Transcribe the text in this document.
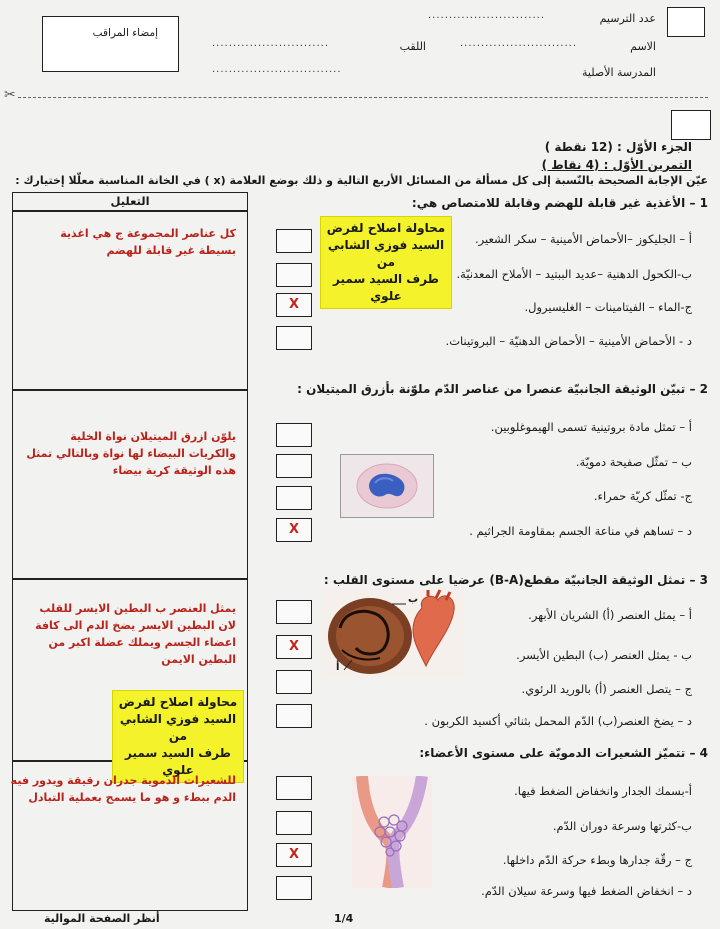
عدد الترسيم
............................
الاسم
............................
اللقب
............................
المدرسة الأصلية
...............................
إمضاء المراقب
✂
الجزء الأوّل : (12 نقطة )
التمرين الأوّل : (4 نقاط )
عيّن الإجابة الصحيحة بالنّسبة إلى كل مسألة من المسائل الأربع التالية و ذلك بوضع العلامة (x ) في الخانة المناسبة معلّلا إختيارك :
التعليل	1 – الأغذية غير قابلة للهضم وقابلة للامتصاص هي:
أ – الجليكوز –الأحماض الأمينية – سكر الشعير.
ب-الكحول الدهنية –عديد الببتيد – الأملاح المعدنيّة.
ج-الماء – الفيتامينات – الغليسيرول.
د - الأحماض الأمينية – الأحماض الدهنيّة – البروتينات.
X
محاولة اصلاح لفرض
السيد فوزي الشابي من
طرف السيد سمير علوي
كل عناصر المجموعة ج هي اغذية
بسيطة غير قابلة للهضم
2 – تبيّن الوثيقة الجانبيّة عنصرا من عناصر الدّم ملوّنة بأزرق الميتيلان :
أ – تمثل مادة بروتينية تسمى الهيموغلوبين.
ب – تمثّل صفيحة دمويّة.
ج- تمثّل كريّة حمراء.
د – تساهم في مناعة الجسم بمقاومة الجراثيم .
X
يلوّن ازرق الميتيلان نواة الخلية
والكريات البيضاء لها نواة وبالتالي تمثل
هذه الوثيقة كرية بيضاء
3 – تمثل الوثيقة الجانبيّة مقطع(B-A) عرضيا على مستوى القلب :
أ – يمثل العنصر (أ) الشريان الأبهر.
ب - يمثل العنصر (ب) البطين الأيسر.
ج – يتصل العنصر (أ) بالوريد الرئوي.
د – يضخ العنصر(ب) الدّم المحمل بثنائي أكسيد الكربون .
X
ب
أ
يمثل العنصر ب البطين الايسر للقلب
لان البطين الايسر يضخ الدم الى كافة
اعضاء الجسم ويملك عضلة اكبر من
البطين الايمن
محاولة اصلاح لفرض
السيد فوزي الشابي من
طرف السيد سمير علوي
4 – تتميّز الشعيرات الدمويّة على مستوى الأعضاء:
أ-بسمك الجدار وانخفاض الضغط فيها.
ب-كثرتها وسرعة دوران الدّم.
ج – رقّة جدارها وبطء حركة الدّم داخلها.
د – انخفاض الضغط فيها وسرعة سيلان الدّم.
X
للشعيرات الدموية جدران رقيقة ويدور فيه
الدم ببطء و هو ما يسمح بعملية التبادل
أنظر الصفحة الموالية	1/4
